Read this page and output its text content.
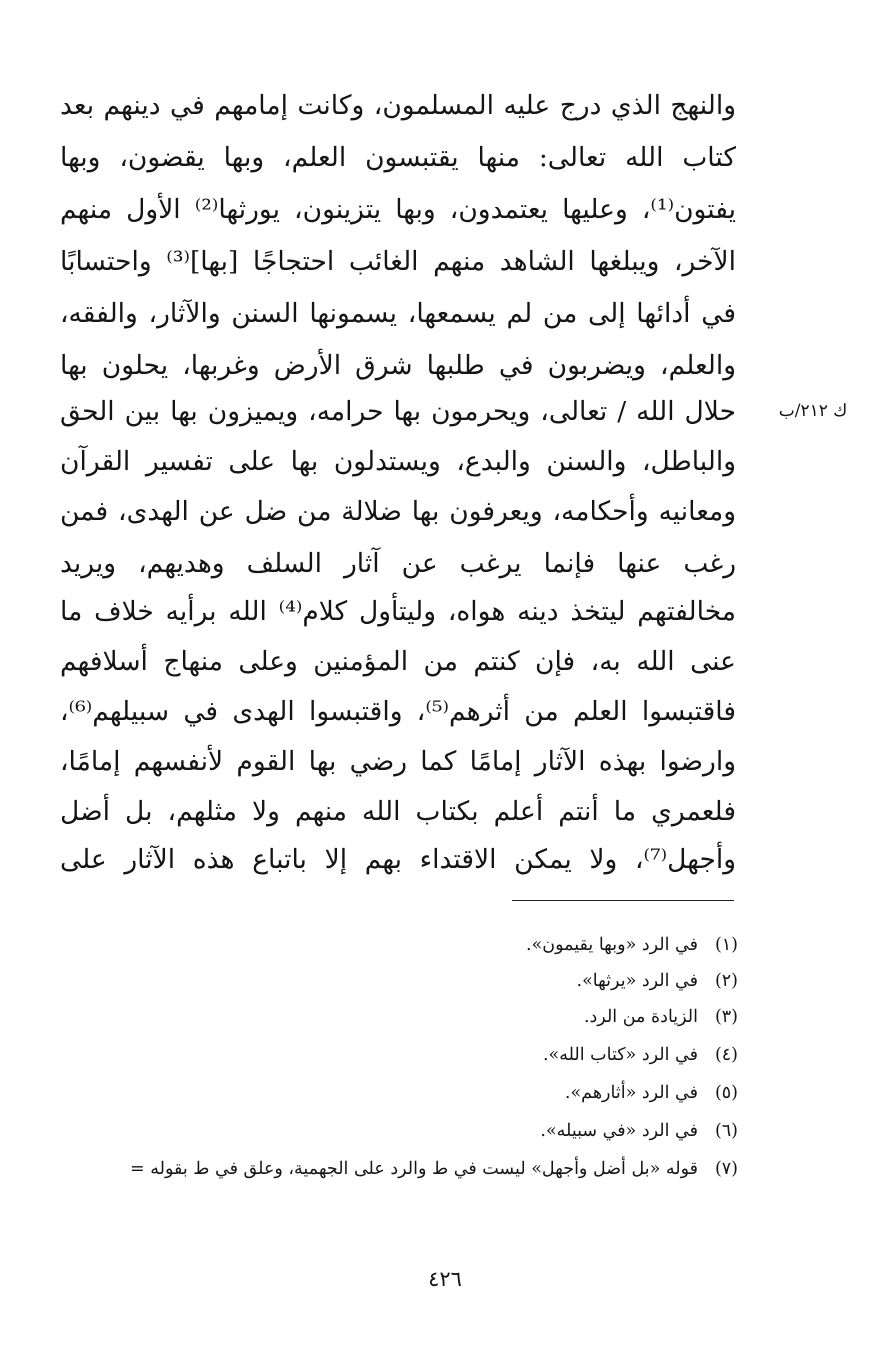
والنهج الذي درج عليه المسلمون، وكانت إمامهم في دينهم بعد
كتاب الله تعالى: منها يقتبسون العلم، وبها يقضون، وبها
يفتون⁽¹⁾، وعليها يعتمدون، وبها يتزينون، يورثها⁽²⁾ الأول منهم
الآخر، ويبلغها الشاهد منهم الغائب احتجاجًا [بها]⁽³⁾ واحتسابًا
في أدائها إلى من لم يسمعها، يسمونها السنن والآثار، والفقه،
والعلم، ويضربون في طلبها شرق الأرض وغربها، يحلون بها
حلال الله / تعالى، ويحرمون بها حرامه، ويميزون بها بين الحق
والباطل، والسنن والبدع، ويستدلون بها على تفسير القرآن
ومعانيه وأحكامه، ويعرفون بها ضلالة من ضل عن الهدى، فمن
رغب عنها فإنما يرغب عن آثار السلف وهديهم، ويريد
مخالفتهم ليتخذ دينه هواه، وليتأول كلام⁽⁴⁾ الله برأيه خلاف ما
عنى الله به، فإن كنتم من المؤمنين وعلى منهاج أسلافهم
فاقتبسوا العلم من أثرهم⁽⁵⁾، واقتبسوا الهدى في سبيلهم⁽⁶⁾،
وارضوا بهذه الآثار إمامًا كما رضي بها القوم لأنفسهم إمامًا،
فلعمري ما أنتم أعلم بكتاب الله منهم ولا مثلهم، بل أضل
وأجهل⁽⁷⁾، ولا يمكن الاقتداء بهم إلا باتباع هذه الآثار على
ك ٢١٢/ب
(١)في الرد «وبها يقيمون».
(٢)في الرد «يرثها».
(٣)الزيادة من الرد.
(٤)في الرد «كتاب الله».
(٥)في الرد «أثارهم».
(٦)في الرد «في سبيله».
(٧)قوله «بل أضل وأجهل» ليست في ط والرد على الجهمية، وعلق في ط بقوله =
٤٢٦
